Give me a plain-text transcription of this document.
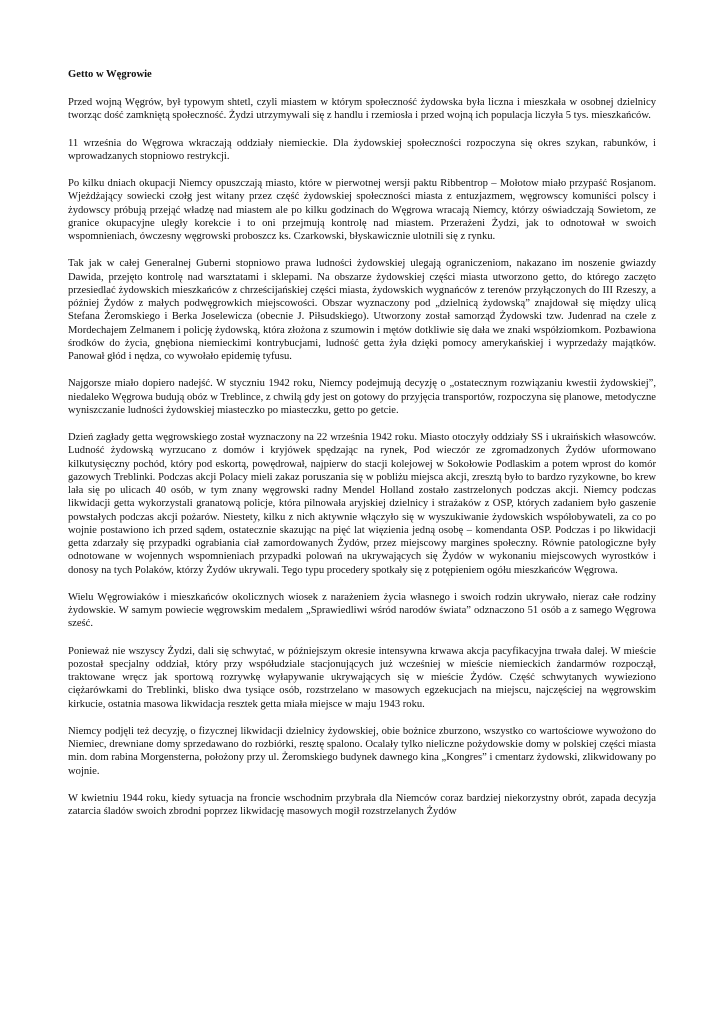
Getto w Węgrowie

Przed wojną Węgrów, był typowym shtetl, czyli miastem w którym społeczność żydowska była liczna i mieszkała w osobnej dzielnicy tworząc dość zamkniętą społeczność. Żydzi utrzymywali się z handlu i rzemiosła i przed wojną ich populacja liczyła 5 tys. mieszkańców.

11 września do Węgrowa wkraczają oddziały niemieckie. Dla żydowskiej społeczności rozpoczyna się okres szykan, rabunków, i wprowadzanych stopniowo restrykcji.

Po kilku dniach okupacji Niemcy opuszczają miasto, które w pierwotnej wersji paktu Ribbentrop – Mołotow miało przypaść Rosjanom. Wjeżdżający sowiecki czołg jest witany przez część żydowskiej społeczności miasta z entuzjazmem, węgrowscy komuniści polscy i żydowscy próbują przejąć władzę nad miastem ale po kilku godzinach do Węgrowa wracają Niemcy, którzy oświadczają Sowietom, ze granice okupacyjne uległy korekcie i to oni przejmują kontrolę nad miastem. Przerażeni Żydzi, jak to odnotował w swoich wspomnieniach, ówczesny węgrowski proboszcz ks. Czarkowski, błyskawicznie ulotnili się z rynku.

Tak jak w całej Generalnej Guberni stopniowo prawa ludności żydowskiej ulegają ograniczeniom, nakazano im noszenie gwiazdy Dawida, przejęto kontrolę nad warsztatami i sklepami. Na obszarze żydowskiej części miasta utworzono getto, do którego zaczęto przesiedlać żydowskich mieszkańców z chrześcijańskiej części miasta, żydowskich wygnańców z terenów przyłączonych do III Rzeszy, a później Żydów z małych podwęgrowkich miejscowości. Obszar wyznaczony pod „dzielnicą żydowską” znajdował się między ulicą Stefana Żeromskiego i Berka Joselewicza (obecnie J. Piłsudskiego). Utworzony został samorząd Żydowski tzw. Judenrad na czele z Mordechajem Zelmanem i policję żydowską, która złożona z szumowin i mętów dotkliwie się dała we znaki współziomkom. Pozbawiona środków do życia, gnębiona niemieckimi kontrybucjami, ludność getta żyła dzięki pomocy amerykańskiej i wyprzedaży majątków. Panował głód i nędza, co wywołało epidemię tyfusu.

Najgorsze miało dopiero nadejść. W styczniu 1942 roku, Niemcy podejmują decyzję o „ostatecznym rozwiązaniu kwestii żydowskiej”, niedaleko Węgrowa budują obóz w Treblince, z chwilą gdy jest on gotowy do przyjęcia transportów, rozpoczyna się planowe, metodyczne wyniszczanie ludności żydowskiej miasteczko po miasteczku, getto po getcie.

Dzień zagłady getta węgrowskiego został wyznaczony na 22 września 1942 roku. Miasto otoczyły oddziały SS i ukraińskich własowców. Ludność żydowską wyrzucano z domów i kryjówek spędzając na rynek, Pod wieczór ze zgromadzonych Żydów uformowano kilkutysięczny pochód, który pod eskortą, powędrował, najpierw do stacji kolejowej w Sokołowie Podlaskim a potem wprost do komór gazowych Treblinki. Podczas akcji Polacy mieli zakaz poruszania się w pobliżu miejsca akcji, zresztą było to bardzo ryzykowne, bo krew lała się po ulicach 40 osób, w tym znany węgrowski radny Mendel Holland zostało zastrzelonych podczas akcji. Niemcy podczas likwidacji getta wykorzystali granatową policje, która pilnowała aryjskiej dzielnicy i strażaków z OSP, których zadaniem było gaszenie powstałych podczas akcji pożarów. Niestety, kilku z nich aktywnie włączyło się w wyszukiwanie żydowskich współobywateli, za co po wojnie postawiono ich przed sądem, ostatecznie skazując na pięć lat więzienia jedną osobę – komendanta OSP. Podczas i po likwidacji getta zdarzały się przypadki ograbiania ciał zamordowanych Żydów, przez miejscowy margines społeczny. Równie patologiczne były odnotowane w wojennych wspomnieniach przypadki polowań na ukrywających się Żydów w wykonaniu miejscowych wyrostków i donosy na tych Polaków, którzy Żydów ukrywali. Tego typu procedery spotkały się z potępieniem ogółu mieszkańców Węgrowa.

Wielu Węgrowiaków i mieszkańców okolicznych wiosek z narażeniem życia własnego i swoich rodzin ukrywało, nieraz całe rodziny żydowskie. W samym powiecie węgrowskim medalem „Sprawiedliwi wśród narodów świata” odznaczono 51 osób a z samego Węgrowa sześć.

Ponieważ nie wszyscy Żydzi, dali się schwytać, w późniejszym okresie intensywna krwawa akcja pacyfikacyjna trwała dalej. W mieście pozostał specjalny oddział, który przy współudziale stacjonujących już wcześniej w mieście niemieckich żandarmów rozpoczął, traktowane wręcz jak sportową rozrywkę wyłapywanie ukrywających się w mieście Żydów. Część schwytanych wywieziono ciężarówkami do Treblinki, blisko dwa tysiące osób, rozstrzelano w masowych egzekucjach na miejscu, najczęściej na węgrowskim kirkucie, ostatnia masowa likwidacja resztek getta miała miejsce w maju 1943 roku.

Niemcy podjęli też decyzję, o fizycznej likwidacji dzielnicy żydowskiej, obie bożnice zburzono, wszystko co wartościowe wywożono do Niemiec, drewniane domy sprzedawano do rozbiórki, resztę spalono. Ocalały tylko nieliczne pożydowskie domy w polskiej części miasta min. dom rabina Morgensterna, położony przy ul. Żeromskiego budynek dawnego kina „Kongres” i cmentarz żydowski, zlikwidowany po wojnie.

W kwietniu 1944 roku, kiedy sytuacja na froncie wschodnim przybrała dla Niemców coraz bardziej niekorzystny obrót, zapada decyzja zatarcia śladów swoich zbrodni poprzez likwidację masowych mogił rozstrzelanych Żydów
